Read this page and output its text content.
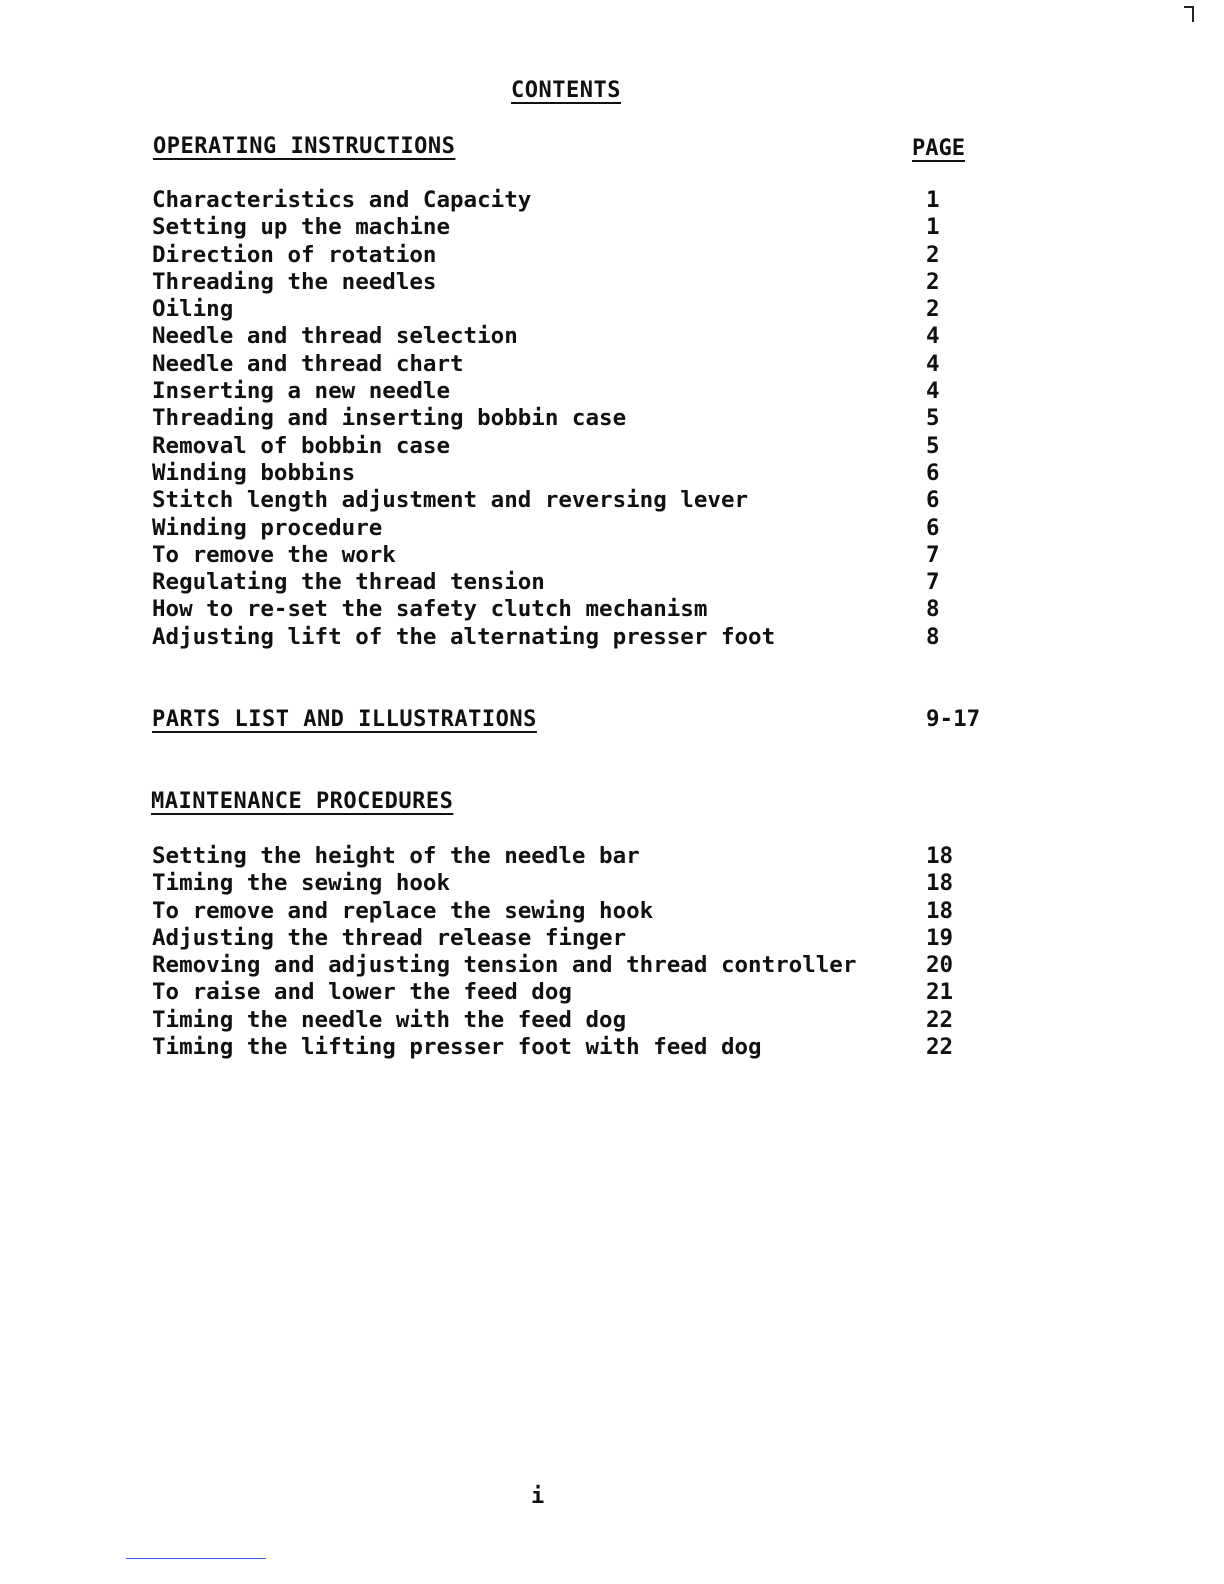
CONTENTS
OPERATING INSTRUCTIONS	PAGE
Characteristics and Capacity	1
Setting up the machine	1
Direction of rotation	2
Threading the needles	2
Oiling	2
Needle and thread selection	4
Needle and thread chart	4
Inserting a new needle	4
Threading and inserting bobbin case	5
Removal of bobbin case	5
Winding bobbins	6
Stitch length adjustment and reversing lever	6
Winding procedure	6
To remove the work	7
Regulating the thread tension	7
How to re-set the safety clutch mechanism	8
Adjusting lift of the alternating presser foot	8
PARTS LIST AND ILLUSTRATIONS	9-17
MAINTENANCE PROCEDURES
Setting the height of the needle bar	18
Timing the sewing hook	18
To remove and replace the sewing hook	18
Adjusting the thread release finger	19
Removing and adjusting tension and thread controller	20
To raise and lower the feed dog	21
Timing the needle with the feed dog	22
Timing the lifting presser foot with feed dog	22
i
